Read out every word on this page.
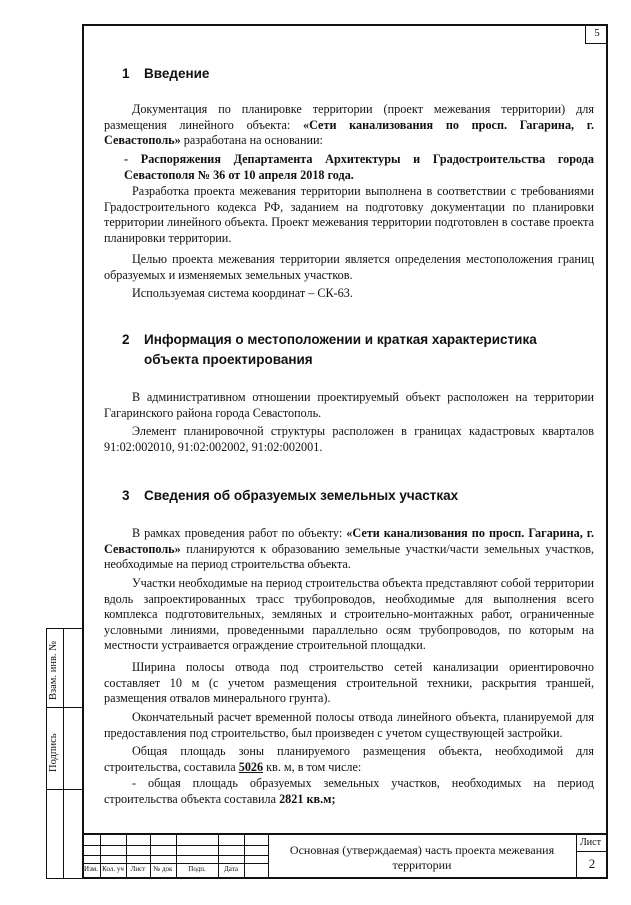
5
1 Введение
Документация по планировке территории (проект межевания территории) для размещения линейного объекта: «Сети канализования по просп. Гагарина, г. Севастополь» разработана на основании:
- Распоряжения Департамента Архитектуры и Градостроительства города Севастополя № 36 от 10 апреля 2018 года.
Разработка проекта межевания территории выполнена в соответствии с требованиями Градостроительного кодекса РФ, заданием на подготовку документации по планировки территории линейного объекта. Проект межевания территории подготовлен в составе проекта планировки территории.
Целью проекта межевания территории является определения местоположения границ образуемых и изменяемых земельных участков.
Используемая система координат – СК-63.
2	Информация о местоположении и краткая характеристика объекта проектирования
В административном отношении проектируемый объект расположен на территории Гагаринского района города Севастополь.
Элемент планировочной структуры расположен в границах кадастровых кварталов 91:02:002010, 91:02:002002, 91:02:002001.
3 Сведения об образуемых земельных участках
В рамках проведения работ по объекту: «Сети канализования по просп. Гагарина, г. Севастополь» планируются к образованию земельные участки/части земельных участков, необходимые на период строительства объекта.
Участки необходимые на период строительства объекта представляют собой территории вдоль запроектированных трасс трубопроводов, необходимые для выполнения всего комплекса подготовительных, земляных и строительно-монтажных работ, ограниченные условными линиями, проведенными параллельно осям трубопроводов, по которым на местности устраивается ограждение строительной площадки.
Ширина полосы отвода под строительство сетей канализации ориентировочно составляет 10 м (с учетом размещения строительной техники, раскрытия траншей, размещения отвалов минерального грунта).
Окончательный расчет временной полосы отвода линейного объекта, планируемой для предоставления под строительство, был произведен с учетом существующей застройки.
Общая площадь зоны планируемого размещения объекта, необходимой для строительства, составила 5026 кв. м, в том числе:
- общая площадь образуемых земельных участков, необходимых на период строительства объекта составила 2821 кв.м;
Взам. инв. №
Подпись
Изм. Кол. уч Лист	№ док	Подп.	Дата
Основная (утверждаемая) часть проекта межевания территории
Лист
2
